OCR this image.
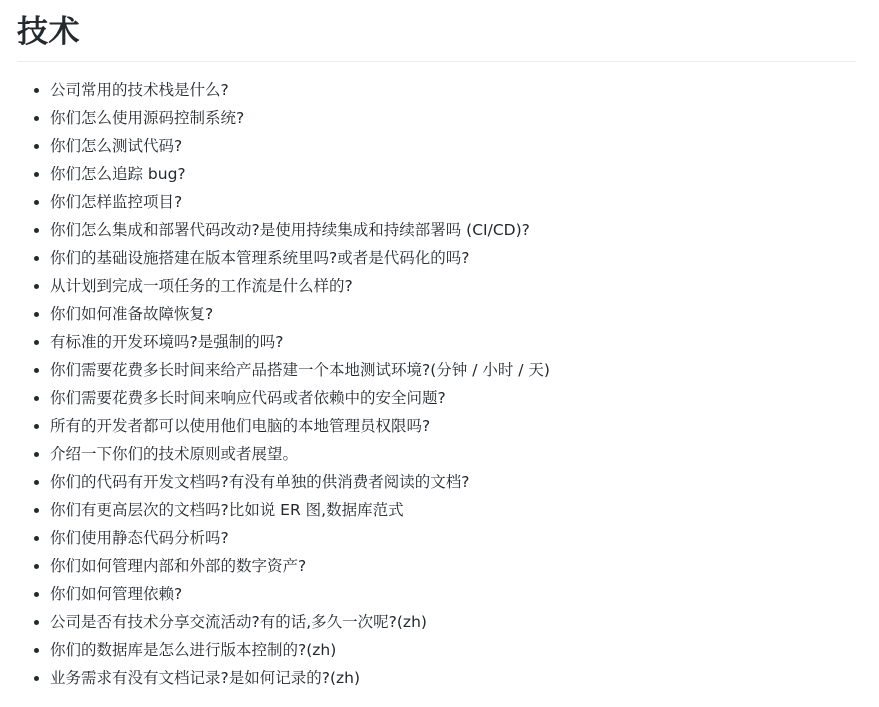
技术
公司常用的技术栈是什么?
你们怎么使用源码控制系统?
你们怎么测试代码?
你们怎么追踪 bug?
你们怎样监控项目?
你们怎么集成和部署代码改动?是使用持续集成和持续部署吗 (CI/CD)?
你们的基础设施搭建在版本管理系统里吗?或者是代码化的吗?
从计划到完成一项任务的工作流是什么样的?
你们如何准备故障恢复?
有标准的开发环境吗?是强制的吗?
你们需要花费多长时间来给产品搭建一个本地测试环境?(分钟 / 小时 / 天)
你们需要花费多长时间来响应代码或者依赖中的安全问题?
所有的开发者都可以使用他们电脑的本地管理员权限吗?
介绍一下你们的技术原则或者展望。
你们的代码有开发文档吗?有没有单独的供消费者阅读的文档?
你们有更高层次的文档吗?比如说 ER 图,数据库范式
你们使用静态代码分析吗?
你们如何管理内部和外部的数字资产?
你们如何管理依赖?
公司是否有技术分享交流活动?有的话,多久一次呢?(zh)
你们的数据库是怎么进行版本控制的?(zh)
业务需求有没有文档记录?是如何记录的?(zh)
